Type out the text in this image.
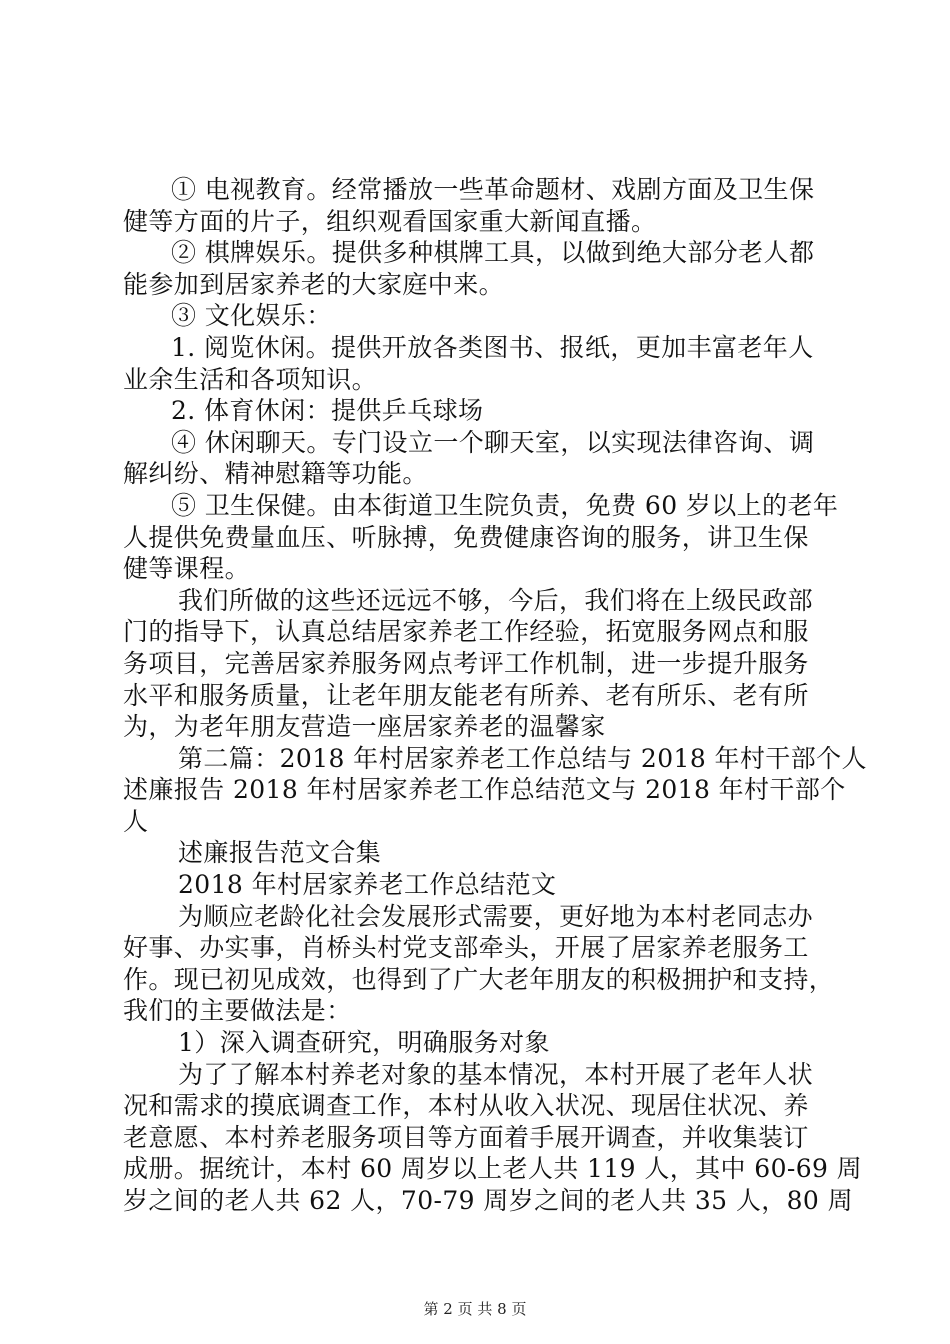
① 电视教育。经常播放一些革命题材、戏剧方面及卫生保
健等方面的片子，组织观看国家重大新闻直播。
② 棋牌娱乐。提供多种棋牌工具，以做到绝大部分老人都
能参加到居家养老的大家庭中来。
③ 文化娱乐：
1. 阅览休闲。提供开放各类图书、报纸，更加丰富老年人
业余生活和各项知识。
2. 体育休闲：提供乒乓球场
④ 休闲聊天。专门设立一个聊天室，以实现法律咨询、调
解纠纷、精神慰籍等功能。
⑤ 卫生保健。由本街道卫生院负责，免费 60 岁以上的老年
人提供免费量血压、听脉搏，免费健康咨询的服务，讲卫生保
健等课程。
我们所做的这些还远远不够，今后，我们将在上级民政部
门的指导下，认真总结居家养老工作经验，拓宽服务网点和服
务项目，完善居家养服务网点考评工作机制，进一步提升服务
水平和服务质量，让老年朋友能老有所养、老有所乐、老有所
为，为老年朋友营造一座居家养老的温馨家
第二篇：2018 年村居家养老工作总结与 2018 年村干部个人
述廉报告 2018 年村居家养老工作总结范文与 2018 年村干部个
人
述廉报告范文合集
2018 年村居家养老工作总结范文
为顺应老龄化社会发展形式需要，更好地为本村老同志办
好事、办实事，肖桥头村党支部牵头，开展了居家养老服务工
作。现已初见成效，也得到了广大老年朋友的积极拥护和支持，
我们的主要做法是：
1）深入调查研究，明确服务对象
为了了解本村养老对象的基本情况，本村开展了老年人状
况和需求的摸底调查工作，本村从收入状况、现居住状况、养
老意愿、本村养老服务项目等方面着手展开调查，并收集装订
成册。据统计，本村 60 周岁以上老人共 119 人，其中 60-69 周
岁之间的老人共 62 人，70-79 周岁之间的老人共 35 人，80 周
第 2 页 共 8 页
